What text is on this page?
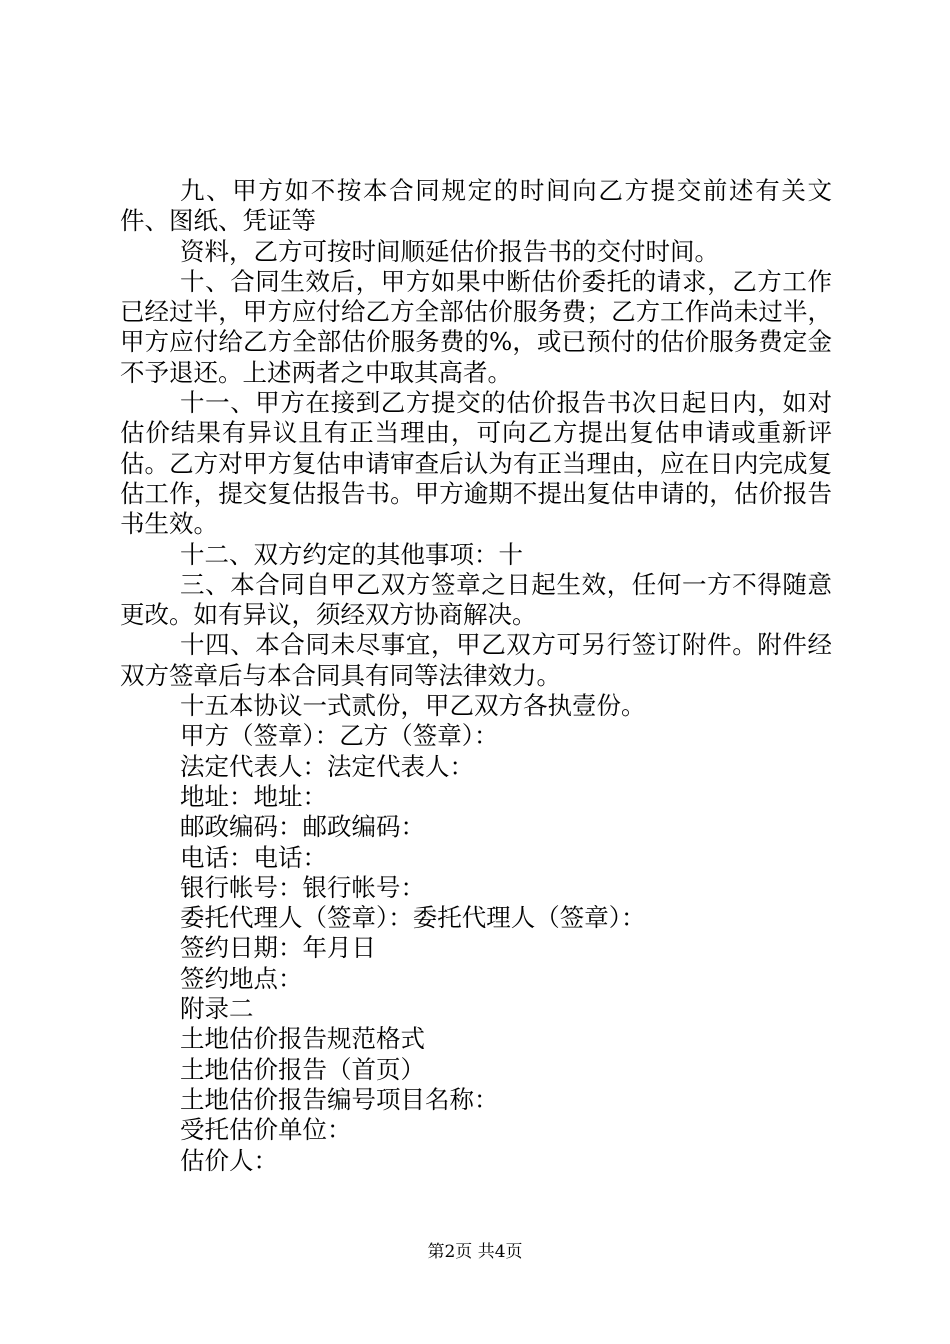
九、甲方如不按本合同规定的时间向乙方提交前述有关文件、图纸、凭证等

资料，乙方可按时间顺延估价报告书的交付时间。

十、合同生效后，甲方如果中断估价委托的请求，乙方工作已经过半，甲方应付给乙方全部估价服务费；乙方工作尚未过半，甲方应付给乙方全部估价服务费的%，或已预付的估价服务费定金不予退还。上述两者之中取其高者。

十一、甲方在接到乙方提交的估价报告书次日起日内，如对估价结果有异议且有正当理由，可向乙方提出复估申请或重新评估。乙方对甲方复估申请审查后认为有正当理由，应在日内完成复估工作，提交复估报告书。甲方逾期不提出复估申请的，估价报告书生效。

十二、双方约定的其他事项：十

三、本合同自甲乙双方签章之日起生效，任何一方不得随意更改。如有异议，须经双方协商解决。

十四、本合同未尽事宜，甲乙双方可另行签订附件。附件经双方签章后与本合同具有同等法律效力。

十五本协议一式贰份，甲乙双方各执壹份。

甲方（签章）：乙方（签章）：

法定代表人：法定代表人：

地址：地址：

邮政编码：邮政编码：

电话：电话：

银行帐号：银行帐号：

委托代理人（签章）：委托代理人（签章）：

签约日期：年月日

签约地点：

附录二

土地估价报告规范格式

土地估价报告（首页）

土地估价报告编号项目名称：

受托估价单位：

估价人：

第2页 共4页
